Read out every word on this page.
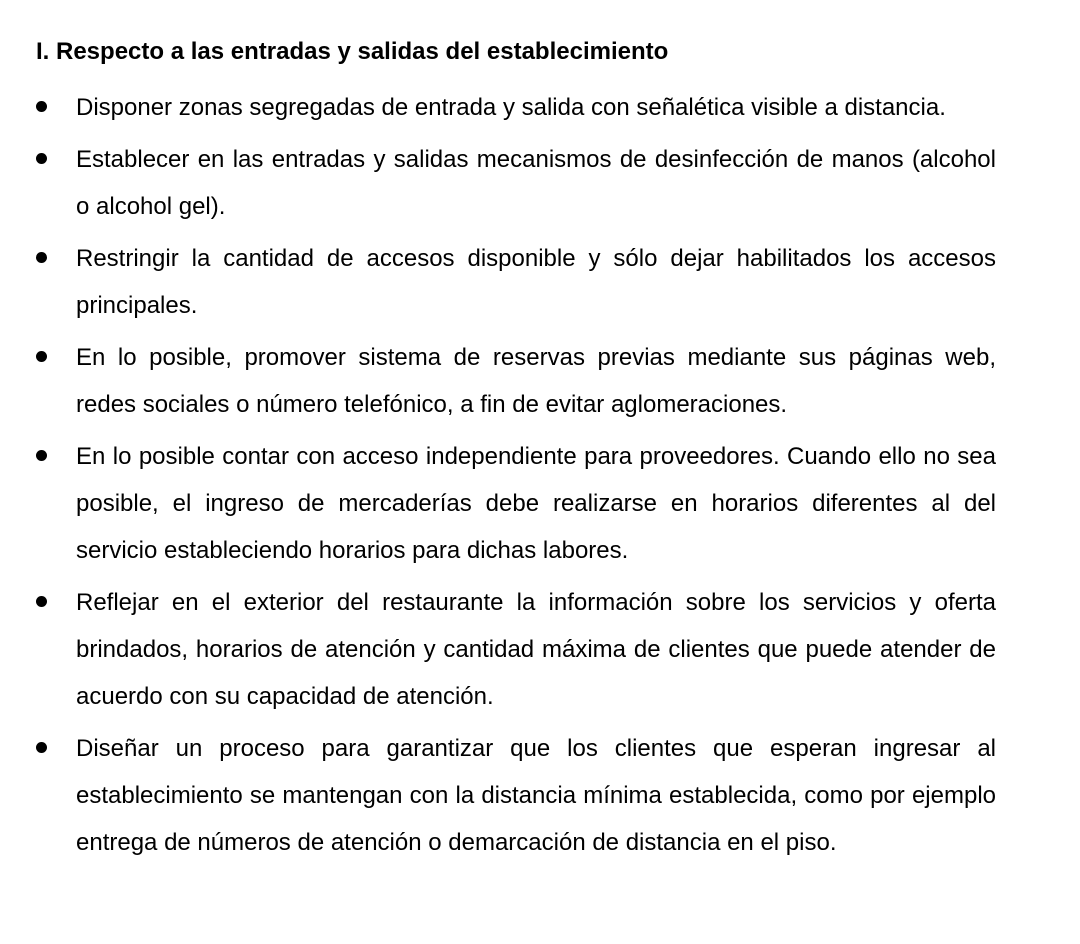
I. Respecto a las entradas y salidas del establecimiento
Disponer zonas segregadas de entrada y salida con señalética visible a distancia.
Establecer en las entradas y salidas mecanismos de desinfección de manos (alcohol o alcohol gel).
Restringir la cantidad de accesos disponible y sólo dejar habilitados los accesos principales.
En lo posible, promover sistema de reservas previas mediante sus páginas web, redes sociales o número telefónico, a fin de evitar aglomeraciones.
En lo posible contar con acceso independiente para proveedores. Cuando ello no sea posible, el ingreso de mercaderías debe realizarse en horarios diferentes al del servicio estableciendo horarios para dichas labores.
Reflejar en el exterior del restaurante la información sobre los servicios y oferta brindados, horarios de atención y cantidad máxima de clientes que puede atender de acuerdo con su capacidad de atención.
Diseñar un proceso para garantizar que los clientes que esperan ingresar al establecimiento se mantengan con la distancia mínima establecida, como por ejemplo entrega de números de atención o demarcación de distancia en el piso.
